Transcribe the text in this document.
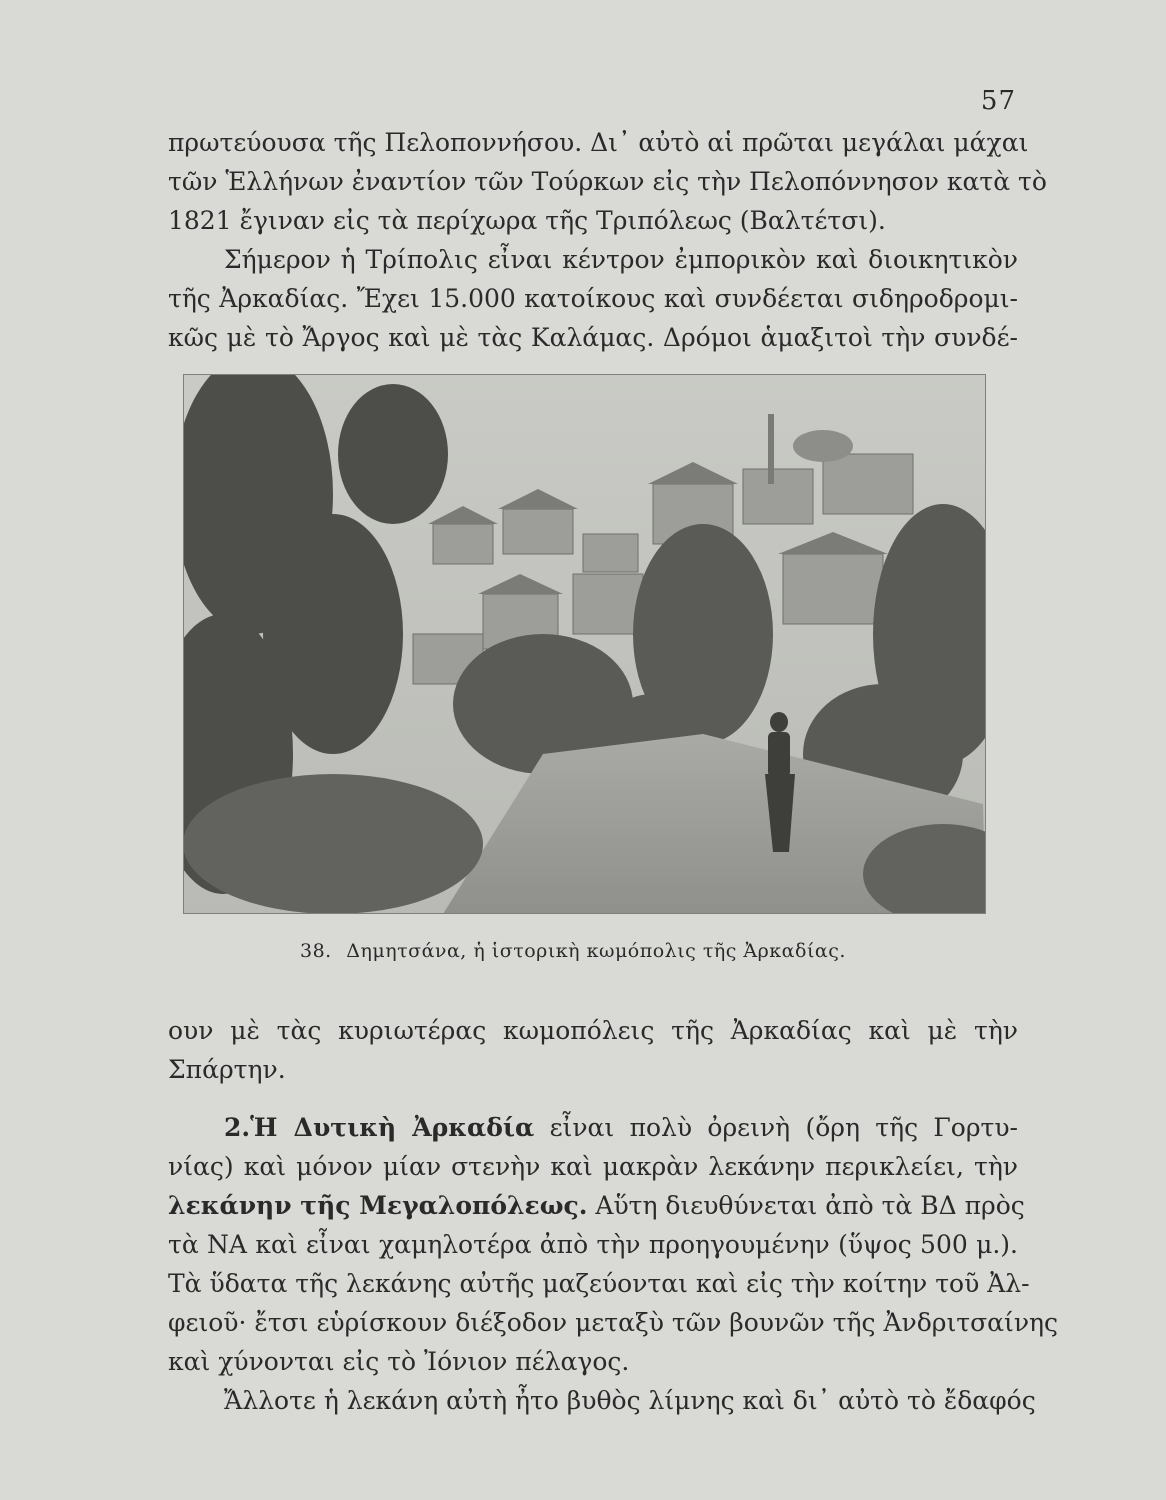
57
πρωτεύουσα τῆς Πελοποννήσου. Δι᾽ αὐτὸ αἱ πρῶται μεγάλαι μάχαι
τῶν Ἑλλήνων ἐναντίον τῶν Τούρκων εἰς τὴν Πελοπόννησον κατὰ τὸ
1821 ἔγιναν εἰς τὰ περίχωρα τῆς Τριπόλεως (Βαλτέτσι).
Σήμερον ἡ Τρίπολις εἶναι κέντρον ἐμπορικὸν καὶ διοικητικὸν
τῆς Ἀρκαδίας. Ἔχει 15.000 κατοίκους καὶ συνδέεται σιδηροδρομι-
κῶς μὲ τὸ Ἄργος καὶ μὲ τὰς Καλάμας. Δρόμοι ἁμαξιτοὶ τὴν συνδέ-
38. Δημητσάνα, ἡ ἱστορικὴ κωμόπολις τῆς Ἀρκαδίας.
ουν μὲ τὰς κυριωτέρας κωμοπόλεις τῆς Ἀρκαδίας καὶ μὲ τὴν
Σπάρτην.
2.Ἡ Δυτικὴ Ἀρκαδία εἶναι πολὺ ὀρεινὴ (ὄρη τῆς Γορτυ-
νίας) καὶ μόνον μίαν στενὴν καὶ μακρὰν λεκάνην περικλείει, τὴν
λεκάνην τῆς Μεγαλοπόλεως. Αὕτη διευθύνεται ἀπὸ τὰ ΒΔ πρὸς
τὰ ΝΑ καὶ εἶναι χαμηλοτέρα ἀπὸ τὴν προηγουμένην (ὕψος 500 μ.).
Τὰ ὕδατα τῆς λεκάνης αὐτῆς μαζεύονται καὶ εἰς τὴν κοίτην τοῦ Ἀλ-
φειοῦ· ἔτσι εὑρίσκουν διέξοδον μεταξὺ τῶν βουνῶν τῆς Ἀνδριτσαίνης
καὶ χύνονται εἰς τὸ Ἰόνιον πέλαγος.
Ἄλλοτε ἡ λεκάνη αὐτὴ ἦτο βυθὸς λίμνης καὶ δι᾽ αὐτὸ τὸ ἔδαφός
